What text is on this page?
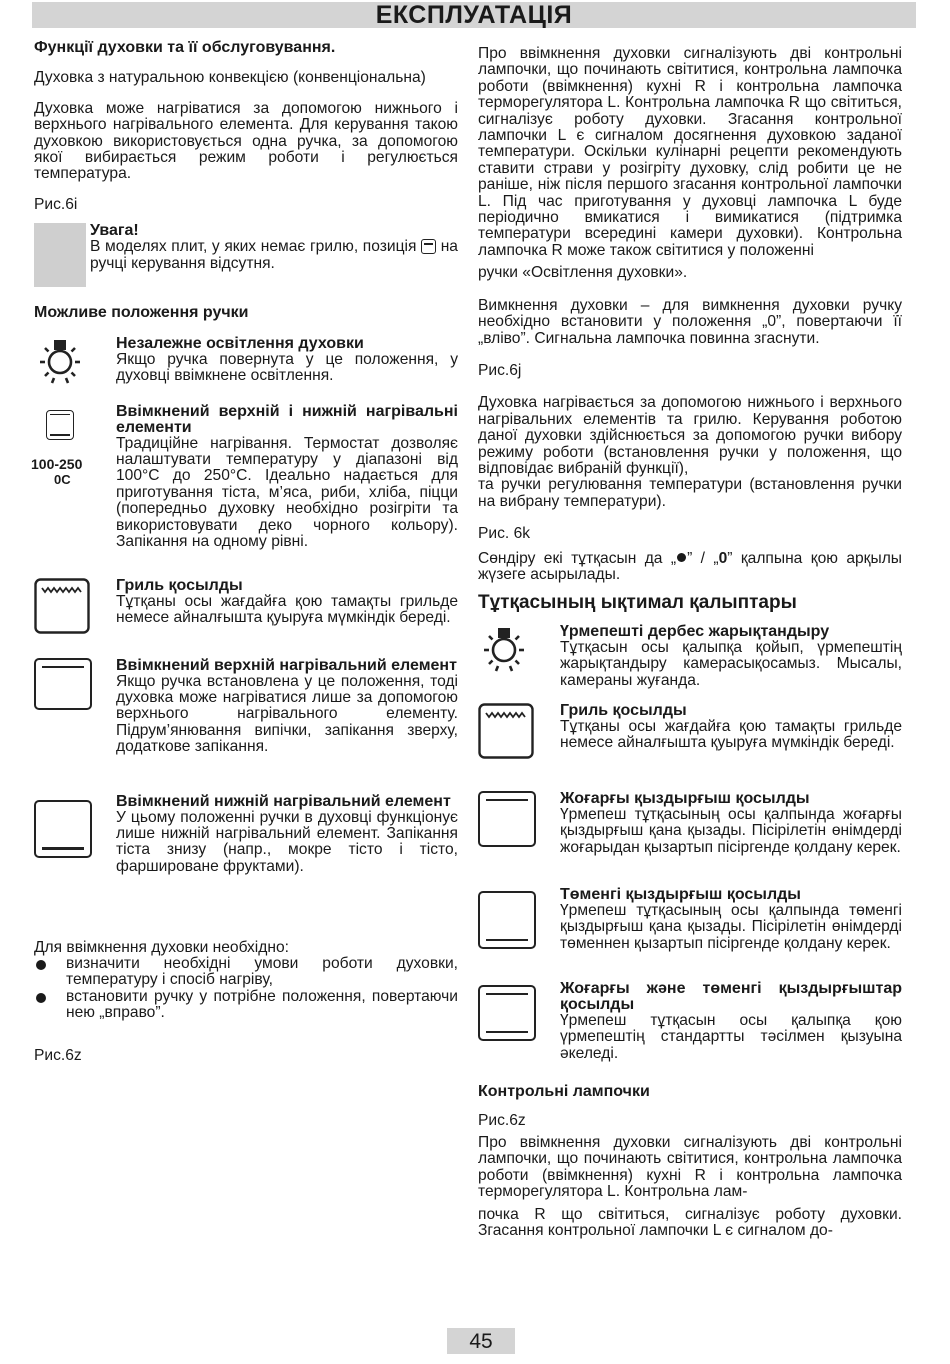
ЕКСПЛУАТАЦІЯ

Функції духовки та її обслуговування.

Духовка з натуральною конвекцією (конвенціональна)

Духовка може нагріватися за допомогою нижнього і верхнього нагрівального елемента. Для керування такою духовкою використовується одна ручка, за допомогою якої вибирається режим роботи і регулюється температура.

Рис.6i

Увага!

В моделях плит, у яких немає грилю, позиція на ручці керування відсутня.

Можливе положення ручки

Незалежне освітлення духовки

Якщо ручка повернута у це положення, у духовці ввімкнене освітлення.

100-250
0C

Ввімкнений верхній і нижній нагрівальні елементи

Традиційне нагрівання. Термостат дозволяє налаштувати температуру у діапазоні від 100°C до 250°C. Ідеально надається для приготування тіста, м’яса, риби, хліба, піцци (попередньо духовку необхідно розігріти та використовувати деко чорного кольору). Запікання на одному рівні.

Гриль қосылды

Тұтқаны осы жағдайға қою тамақты грильде немесе айналғышта қуыруға мүмкіндік береді.

Ввімкнений верхній нагрівальний елемент

Якщо ручка встановлена у це положення, тоді духовка може нагріватися лише за допомогою верхнього нагрівального елементу. Підрум’янювання випічки, запікання зверху, додаткове запікання.

Ввімкнений нижній нагрівальний елемент

У цьому положенні ручки в духовці функціонує лише нижній нагрівальний елемент. Запікання тіста знизу (напр., мокре тісто і тісто, фаршироване фруктами).

Для ввімкнення духовки необхідно:

визначити необхідні умови роботи духовки, температуру і спосіб нагріву,
встановити ручку у потрібне положення, повертаючи нею „вправо”.

Рис.6z

Про ввімкнення духовки сигналізують дві контрольні лампочки, що починають світитися, контрольна лампочка роботи (ввімкнення) кухні R і контрольна лампочка терморегулятора L. Контрольна лампочка R що світиться, сигналізує роботу духовки. Згасання контрольної лампочки L є сигналом досягнення духовкою заданої температури. Оскільки кулінарні рецепти рекомендують ставити страви у розігріту духовку, слід робити це не раніше, ніж після першого згасання контрольної лампочки L. Під час приготування у духовці лампочка L буде періодично вмикатися і вимикатися (підтримка температури всередині камери духовки). Контрольна лампочка R може також світитися у положенні

ручки «Освітлення духовки».

Вимкнення духовки – для вимкнення духовки ручку необхідно встановити у положення „0”, повертаючи її „вліво”. Сигнальна лампочка повинна згаснути.

Рис.6j

Духовка нагрівається за допомогою нижнього і верхнього нагрівальних елементів та грилю. Керування роботою даної духовки здійснюється за допомогою ручки вибору режиму роботи (встановлення ручки у положення, що відповідає вибраній функції),

та ручки регулювання температури (встановлення ручки на вибрану температури).

Рис. 6k

Сөндіру екі тұтқасын да „ ” / „0” қалпына қою арқылы жүзеге асырылады.

Тұтқасының ықтимал қалыптары

Үрмепешті дербес жарықтандыру

Тұтқасын осы қалыпқа қойып, үрмепештің жарықтандыру камерасықосамыз. Мысалы, камераны жуғанда.

Гриль қосылды

Тұтқаны осы жағдайға қою тамақты грильде немесе айналғышта қуыруға мүмкіндік береді.

Жоғарғы қыздырғыш қосылды

Үрмепеш тұтқасының осы қалпында жоғарғы қыздырғыш қана қызады. Пісірілетін өнімдерді жоғарыдан қызартып пісіргенде қолдану керек.

Төменгі қыздырғыш қосылды

Үрмепеш тұтқасының осы қалпында төменгі қыздырғыш қана қызады. Пісірілетін өнімдерді төменнен қызартып пісіргенде қолдану керек.

Жоғарғы және төменгі қыздырғыштар қосылды

Үрмепеш тұтқасын осы қалыпқа қою үрмепештің стандартты тәсілмен қызуына әкеледі.

Контрольні лампочки

Рис.6z

Про ввімкнення духовки сигналізують дві контрольні лампочки, що починають світитися, контрольна лампочка роботи (ввімкнення) кухні R і контрольна лампочка терморегулятора L. Контрольна лам-

почка R що світиться, сигналізує роботу духовки. Згасання контрольної лампочки L є сигналом до-

45
